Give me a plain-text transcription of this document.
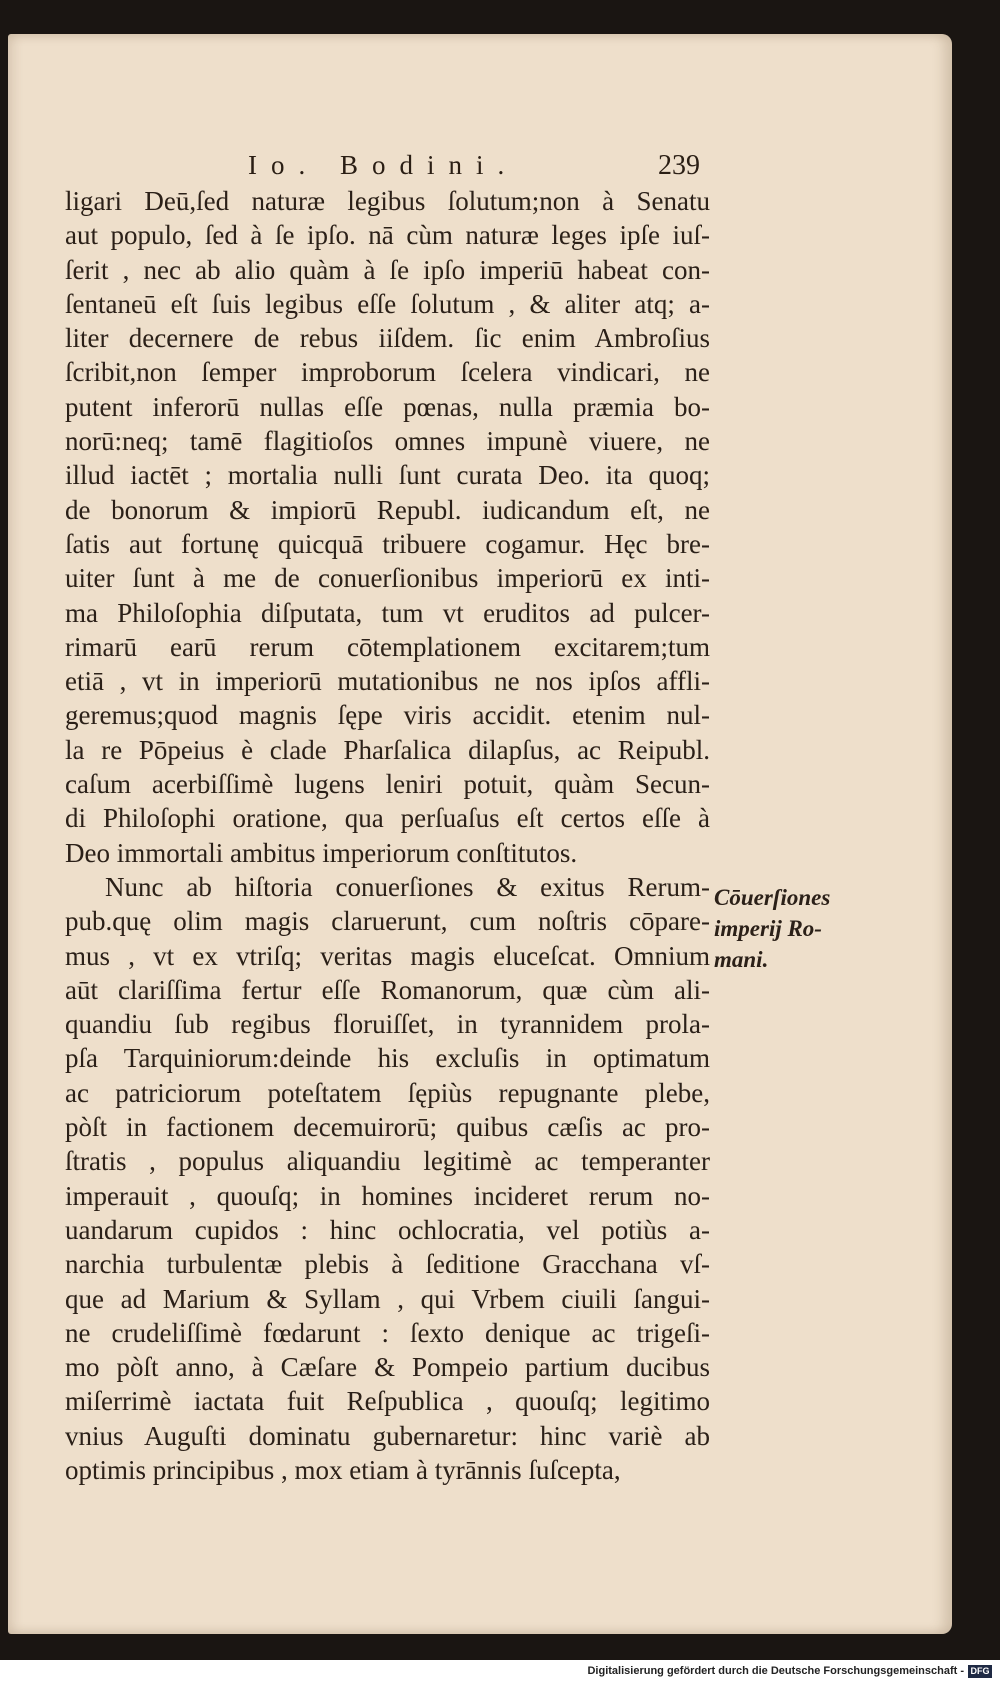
Io. Bodini.	239
ligari Deū,ſed naturæ legibus ſolutum;non à Senatu
aut populo, ſed à ſe ipſo. nā cùm naturæ leges ipſe iuſ-
ſerit , nec ab alio quàm à ſe ipſo imperiū habeat con-
ſentaneū eſt ſuis legibus eſſe ſolutum , & aliter atq; a-
liter decernere de rebus iiſdem. ſic enim Ambroſius
ſcribit,non ſemper improborum ſcelera vindicari, ne
putent inferorū nullas eſſe pœnas, nulla præmia bo-
norū:neq; tamē flagitioſos omnes impunè viuere, ne
illud iactēt ; mortalia nulli ſunt curata Deo. ita quoq;
de bonorum & impiorū Republ. iudicandum eſt, ne
ſatis aut fortunę quicquā tribuere cogamur. Hęc bre-
uiter ſunt à me de conuerſionibus imperiorū ex inti-
ma Philoſophia diſputata, tum vt eruditos ad pulcer-
rimarū earū rerum cōtemplationem excitarem;tum
etiā , vt in imperiorū mutationibus ne nos ipſos affli-
geremus;quod magnis ſępe viris accidit. etenim nul-
la re Pōpeius è clade Pharſalica dilapſus, ac Reipubl.
caſum acerbiſſimè lugens leniri potuit, quàm Secun-
di Philoſophi oratione, qua perſuaſus eſt certos eſſe à
Deo immortali ambitus imperiorum conſtitutos.
Nunc ab hiſtoria conuerſiones & exitus Rerum-
pub.quę olim magis claruerunt, cum noſtris cōpare-
mus , vt ex vtriſq; veritas magis eluceſcat. Omnium
aūt clariſſima fertur eſſe Romanorum, quæ cùm ali-
quandiu ſub regibus floruiſſet, in tyrannidem prola-
pſa Tarquiniorum:deinde his excluſis in optimatum
ac patriciorum poteſtatem ſępiùs repugnante plebe,
pòſt in factionem decemuirorū; quibus cæſis ac pro-
ſtratis , populus aliquandiu legitimè ac temperanter
imperauit , quouſq; in homines incideret rerum no-
uandarum cupidos : hinc ochlocratia, vel potiùs a-
narchia turbulentæ plebis à ſeditione Gracchana vſ-
que ad Marium & Syllam , qui Vrbem ciuili ſangui-
ne crudeliſſimè fœdarunt : ſexto denique ac trigeſi-
mo pòſt anno, à Cæſare & Pompeio partium ducibus
miſerrimè iactata fuit Reſpublica , quouſq; legitimo
vnius Auguſti dominatu gubernaretur: hinc variè ab
optimis principibus , mox etiam à tyrānnis ſuſcepta,
Cōuerſiones
imperij Ro-
mani.
Digitalisierung gefördert durch die Deutsche Forschungsgemeinschaft - DFG
